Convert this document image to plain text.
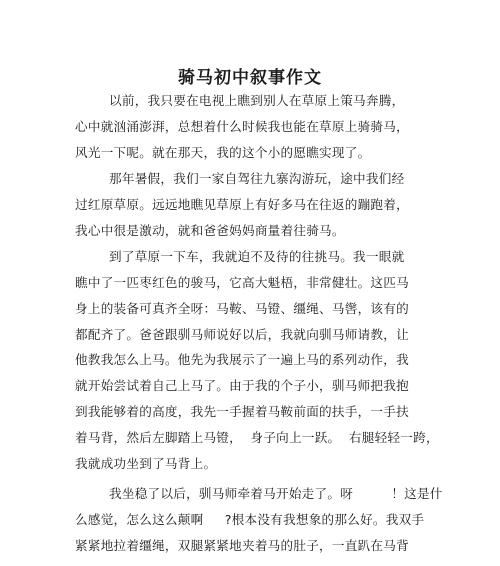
骑马初中叙事作文
以前，我只要在电视上瞧到别人在草原上策马奔腾，
心中就汹涌澎湃，总想着什么时候我也能在草原上骑骑马，
风光一下呢。就在那天，我的这个小的愿瞧实现了。
那年暑假，我们一家自驾往九寨沟游玩，途中我们经
过红原草原。远远地瞧见草原上有好多马在往返的蹦跑着，
我心中很是激动，就和爸爸妈妈商量着往骑马。
到了草原一下车，我就迫不及待的往挑马。我一眼就
瞧中了一匹枣红色的骏马，它高大魁梧，非常健壮。这匹马
身上的装备可真齐全呀：马鞍、马镫、缰绳、马辔，该有的
都配齐了。爸爸跟驯马师说好以后，我就向驯马师请教，让
他教我怎么上马。他先为我展示了一遍上马的系列动作，我
就开始尝试着自己上马了。由于我的个子小，驯马师把我抱
到我能够着的高度，我先一手握着马鞍前面的扶手，一手扶
着马背，然后左脚踏上马镫，  身子向上一跃。  右腿轻轻一跨，
我就成功坐到了马背上。
我坐稳了以后，驯马师牵着马开始走了。呀         ！这是什
么感觉，怎么这么颠啊     ?根本没有我想象的那么好。我双手
紧紧地拉着缰绳，双腿紧紧地夹着马的肚子，一直趴在马背
